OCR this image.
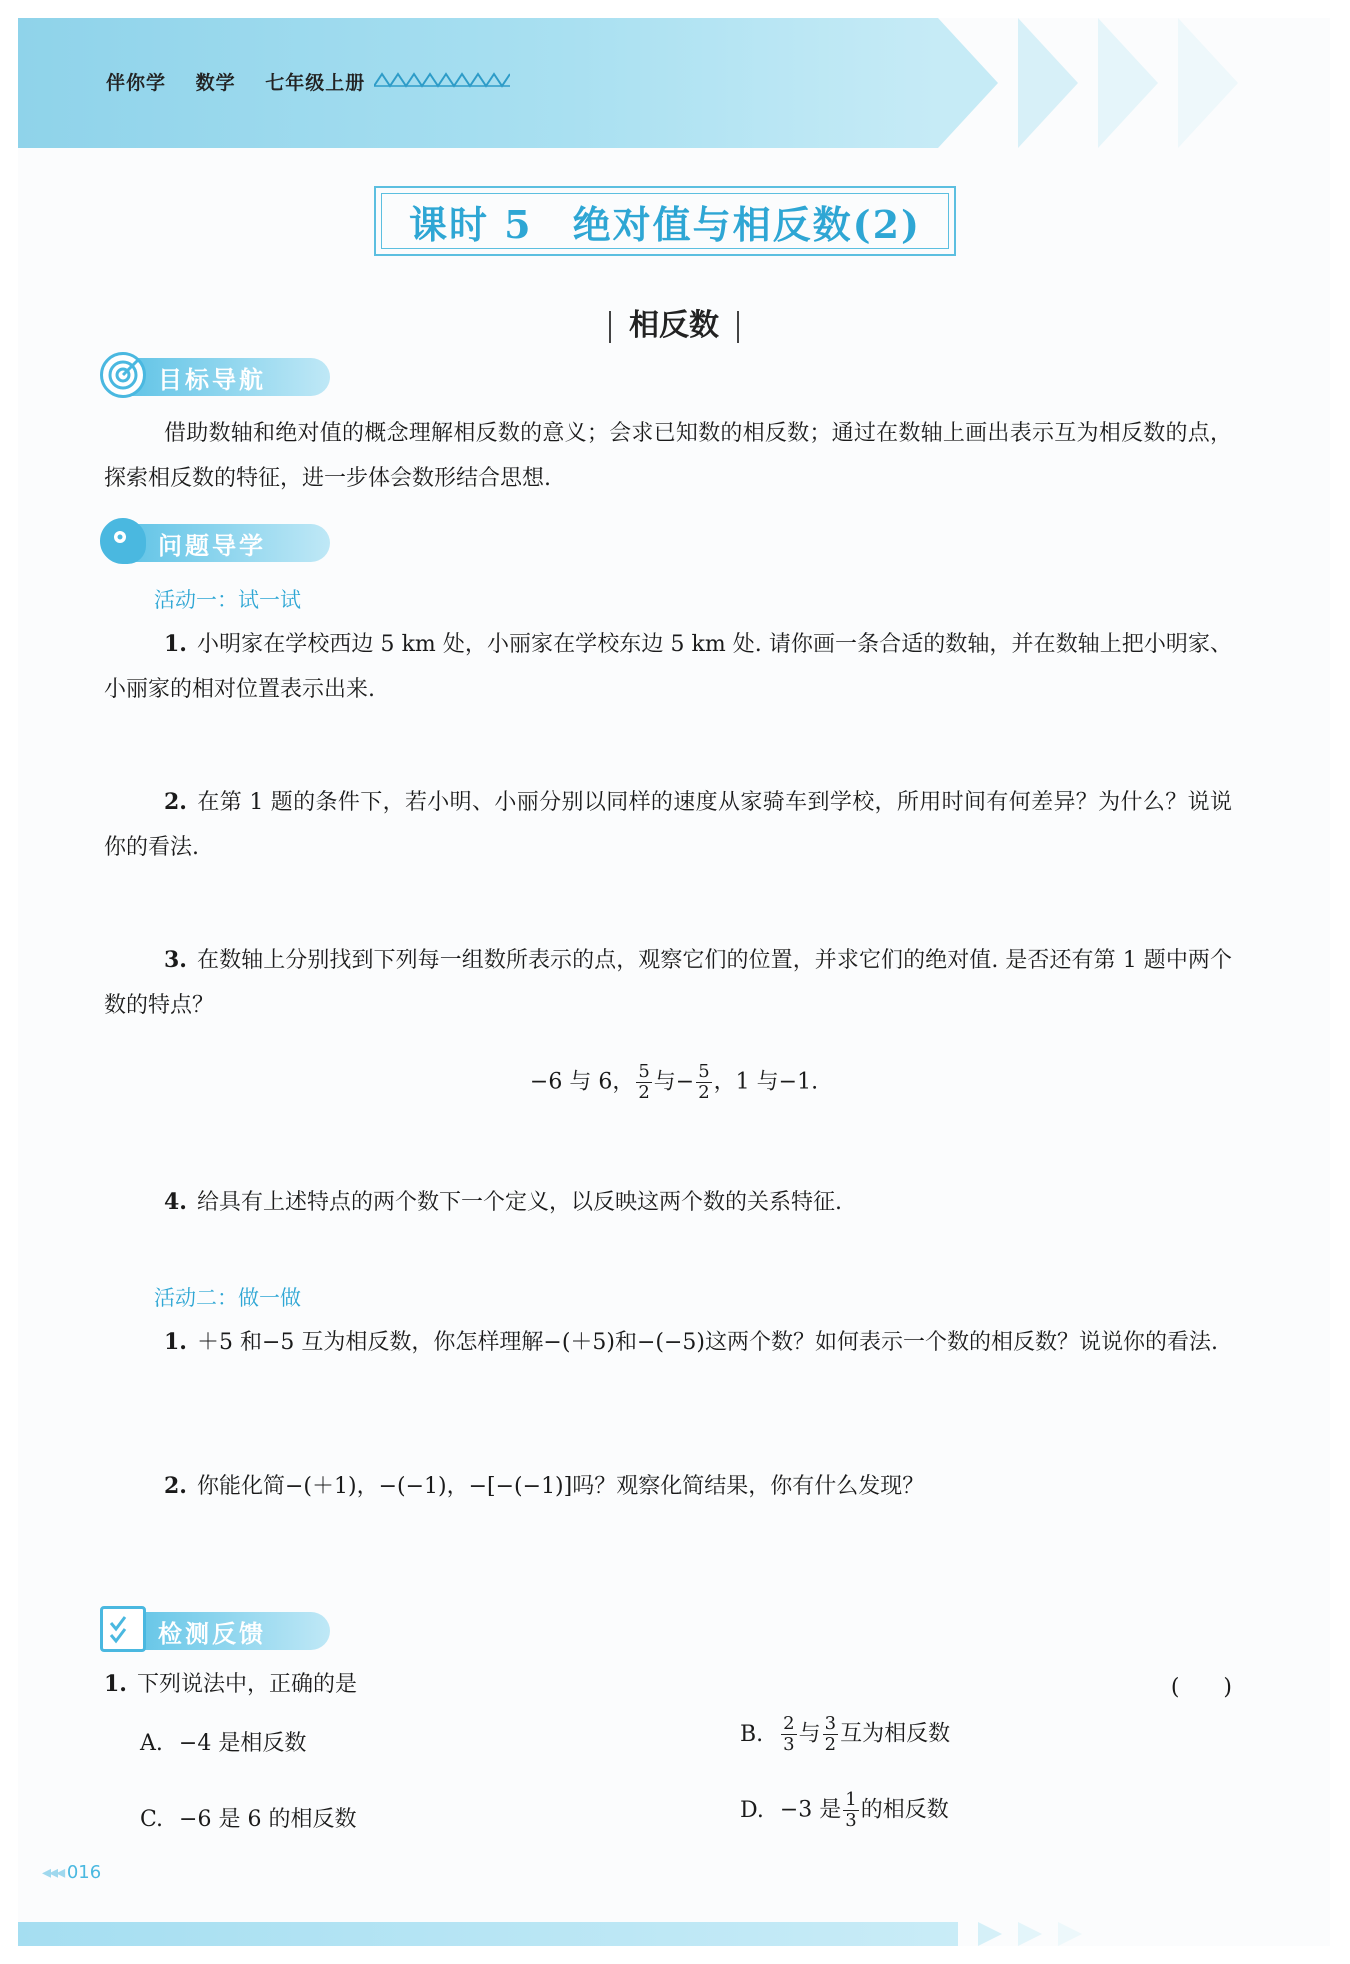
伴你学 数学 七年级上册
课时 5　绝对值与相反数(2)
相反数
目标导航
借助数轴和绝对值的概念理解相反数的意义；会求已知数的相反数；通过在数轴上画出表示互为相反数的点，探索相反数的特征，进一步体会数形结合思想.
问题导学
活动一：试一试
1. 小明家在学校西边 5 km 处，小丽家在学校东边 5 km 处. 请你画一条合适的数轴，并在数轴上把小明家、小丽家的相对位置表示出来.
2. 在第 1 题的条件下，若小明、小丽分别以同样的速度从家骑车到学校，所用时间有何差异？为什么？说说你的看法.
3. 在数轴上分别找到下列每一组数所表示的点，观察它们的位置，并求它们的绝对值. 是否还有第 1 题中两个数的特点？
−6 与 6， $\frac{5}{2}$ 与− $\frac{5}{2}$ ，1 与−1.
4. 给具有上述特点的两个数下一个定义，以反映这两个数的关系特征.
活动二：做一做
1. ＋5 和−5 互为相反数，你怎样理解−(＋5)和−(−5)这两个数？如何表示一个数的相反数？说说你的看法.
2. 你能化简−(＋1)，−(−1)，−[−(−1)]吗？观察化简结果，你有什么发现？
检测反馈
1. 下列说法中，正确的是	(　　)
A. −4 是相反数	B. $\frac{2}{3}$ 与 $\frac{3}{2}$ 互为相反数
C. −6 是 6 的相反数	D. −3 是 $\frac{1}{3}$ 的相反数
◂◂◂ 016
